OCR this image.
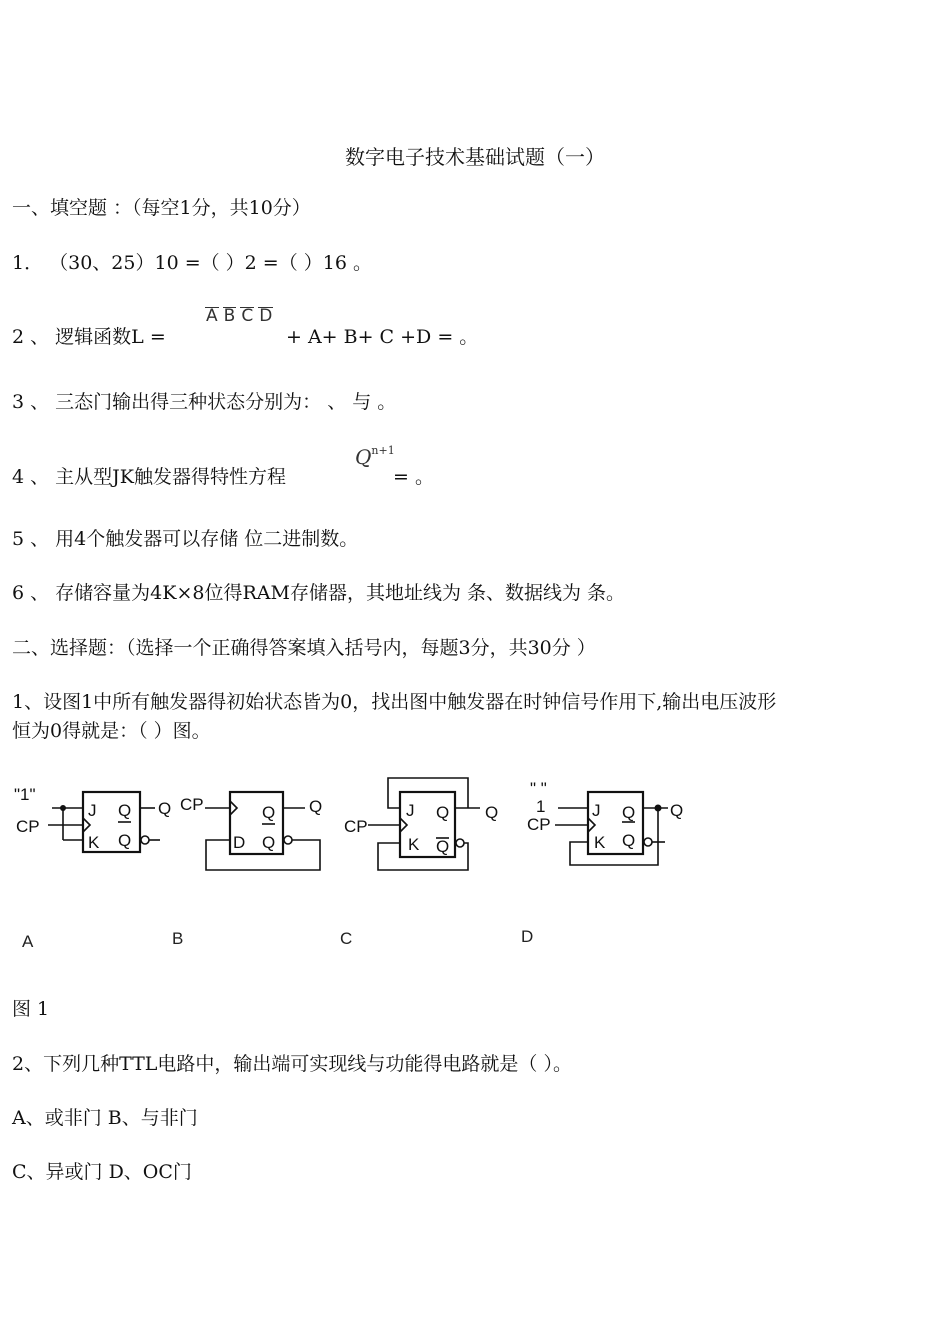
数字电子技术基础试题（一）
一、填空题 ：（每空1分，共10分）
1． （30、25）10 =（ ）2 =（ ）16 。
2 、 逻辑函数L =
A B C D
+ A+ B+ C +D = 。
3 、 三态门输出得三种状态分别为： 、 与 。
4 、 主从型JK触发器得特性方程
$Q^{n+1}$
= 。
5 、 用4个触发器可以存储 位二进制数。
6 、 存储容量为4K×8位得RAM存储器，其地址线为 条、数据线为 条。
二、选择题：（选择一个正确得答案填入括号内，每题3分，共30分 ）
1、设图1中所有触发器得初始状态皆为0，找出图中触发器在时钟信号作用下,输出电压波形
恒为0得就是：（ ）图。
"1"
CP
J
K
Q
Q
Q CP
D
Q
Q
Q
CP
J
K
Q
Q
Q
" "
1
CP
J
K
Q
Q
Q
A	B	C	D
图 1
2、下列几种TTL电路中，输出端可实现线与功能得电路就是（ ）。
A、或非门 B、与非门
C、异或门 D、OC门
